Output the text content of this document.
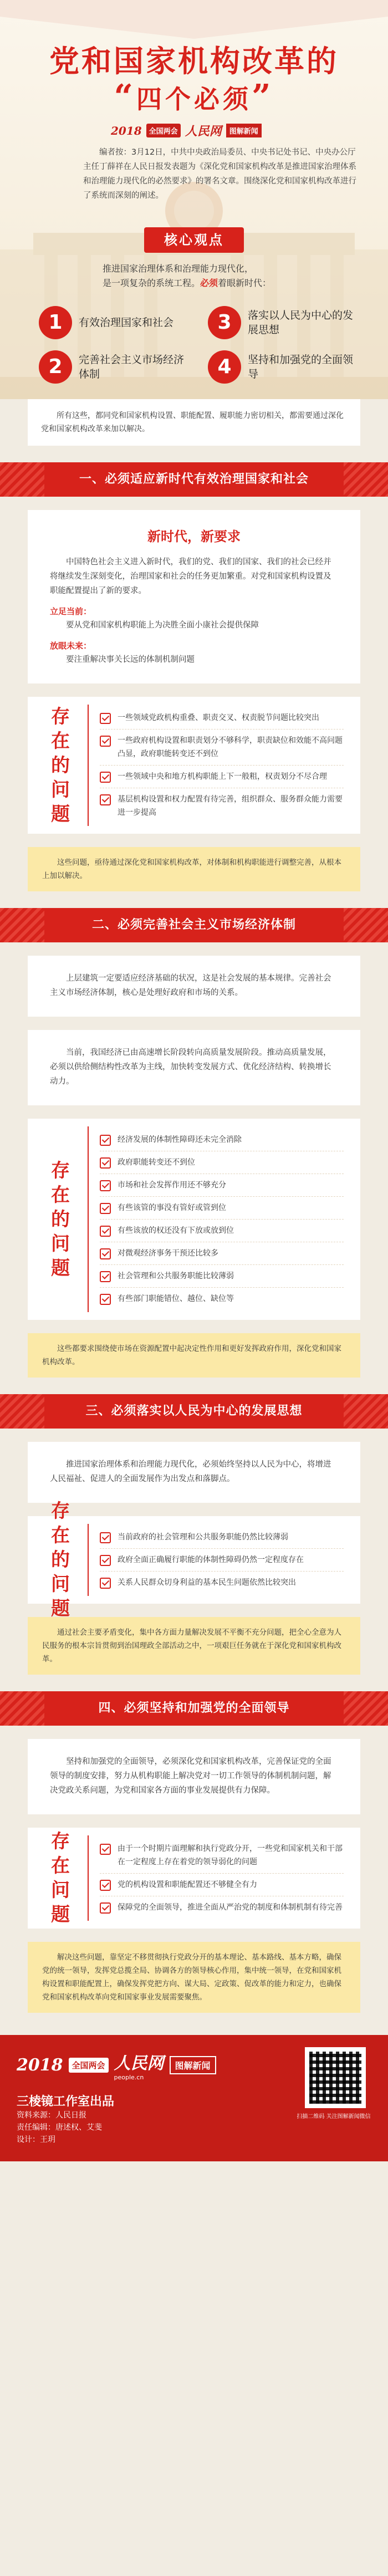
党和国家机构改革的
“四个必须”
2018	全国两会 人民网	图解新闻
编者按：3月12日，中共中央政治局委员、中央书记处书记、中央办公厅主任丁薛祥在人民日报发表题为《深化党和国家机构改革是推进国家治理体系和治理能力现代化的必然要求》的署名文章。围绕深化党和国家机构改革进行了系统而深刻的阐述。
核心观点
推进国家治理体系和治理能力现代化，
是一项复杂的系统工程。必须着眼新时代：
1	有效治理国家和社会	3	落实以人民为中心的发展思想
2	完善社会主义市场经济体制	4	坚持和加强党的全面领导
所有这些，都同党和国家机构设置、职能配置、履职能力密切相关，都需要通过深化党和国家机构改革来加以解决。
一、必须适应新时代有效治理国家和社会
新时代，新要求

中国特色社会主义进入新时代，我们的党、我们的国家、我们的社会已经并将继续发生深刻变化，治理国家和社会的任务更加繁重。对党和国家机构设置及职能配置提出了新的要求。

立足当前：
要从党和国家机构职能上为决胜全面小康社会提供保障
放眼未来：
要注重解决事关长远的体制机制问题
存
在
的
问
题
一些领域党政机构重叠、职责交叉、权责脱节问题比较突出
一些政府机构设置和职责划分不够科学，职责缺位和效能不高问题凸显，政府职能转变还不到位
一些领域中央和地方机构职能上下一般粗，权责划分不尽合理
基层机构设置和权力配置有待完善，组织群众、服务群众能力需要进一步提高
这些问题，亟待通过深化党和国家机构改革，对体制和机构职能进行调整完善，从根本上加以解决。
二、必须完善社会主义市场经济体制

上层建筑一定要适应经济基础的状况，这是社会发展的基本规律。完善社会主义市场经济体制，核心是处理好政府和市场的关系。

当前，我国经济已由高速增长阶段转向高质量发展阶段。推动高质量发展，必须以供给侧结构性改革为主线，加快转变发展方式、优化经济结构、转换增长动力。

存
在
的
问
题
经济发展的体制性障碍还未完全消除
政府职能转变还不到位
市场和社会发挥作用还不够充分
有些该管的事没有管好或管到位
有些该放的权还没有下放或放到位
对微观经济事务干预还比较多
社会管理和公共服务职能比较薄弱
有些部门职能错位、越位、缺位等
这些都要求围绕使市场在资源配置中起决定性作用和更好发挥政府作用，深化党和国家机构改革。
三、必须落实以人民为中心的发展思想

推进国家治理体系和治理能力现代化，必须始终坚持以人民为中心，将增进人民福祉、促进人的全面发展作为出发点和落脚点。

存
在
的
问
题
当前政府的社会管理和公共服务职能仍然比较薄弱
政府全面正确履行职能的体制性障碍仍然一定程度存在
关系人民群众切身利益的基本民生问题依然比较突出
通过社会主要矛盾变化，集中各方面力量解决发展不平衡不充分问题，把全心全意为人民服务的根本宗旨贯彻到治国理政全部活动之中，一项艰巨任务就在于深化党和国家机构改革。
四、必须坚持和加强党的全面领导

坚持和加强党的全面领导，必须深化党和国家机构改革，完善保证党的全面领导的制度安排，努力从机构职能上解决党对一切工作领导的体制机制问题，解决党政关系问题，为党和国家各方面的事业发展提供有力保障。

存
在
问
题
由于一个时期片面理解和执行党政分开，一些党和国家机关和干部在一定程度上存在着党的领导弱化的问题
党的机构设置和职能配置还不够健全有力
保障党的全面领导，推进全面从严治党的制度和体制机制有待完善
解决这些问题，靠坚定不移贯彻执行党政分开的基本理论、基本路线、基本方略，确保党的统一领导，发挥党总揽全局、协调各方的领导核心作用，集中统一领导，在党和国家机构设置和职能配置上，确保发挥党把方向、谋大局、定政策、促改革的能力和定力，也确保党和国家机构改革向党和国家事业发展需要聚焦。
2018	全国两会 人民网
people.cn
图解新闻
扫描二维码 关注图解新闻微信
三棱镜工作室出品
资料来源：人民日报
责任编辑：唐述权、艾斐
设计：王玥
